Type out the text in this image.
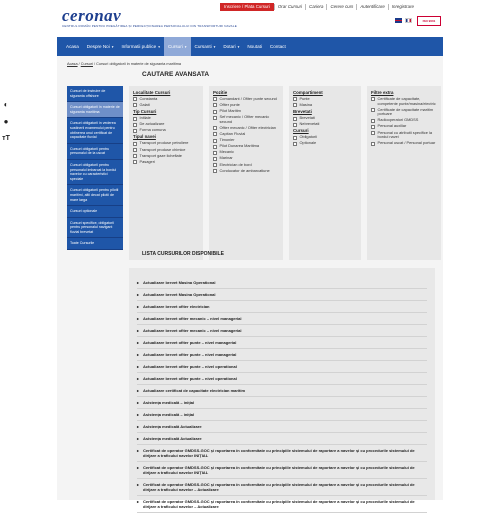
◐
●
тT
ceronav
CENTRUL ROMÂN PENTRU PREGĂTIREA ȘI PERFECȚIONAREA PERSONALULUI DIN TRANSPORTURI NAVALE
Inscriere / Plata Cursuri	Orar Cursuri	Cariera	Cerere curs	Autentificare	Inregistrare
ISO 9001
Acasa	Despre Noi ▾	Informatii publice ▾	Cursuri ▾	Cursanti ▾	Dotari ▾	Noutati	Contact
Acasa / Cursuri / Cursuri obligatorii in materie de siguranta maritima
CAUTARE AVANSATA
Cursuri de instruire de siguranta offshore
Cursuri obligatorii in materie de siguranta maritima
Cursuri obligatorii in vederea sustinerii examenului pentru obtinerea unui certificat de capacitate fluvial
Cursuri obligatorii pentru personalul de la uscat
Cursuri obligatorii pentru personalul imbarcat la bordul navelor cu caracteristici speciale
Cursuri obligatorii pentru pilotii maritimi, altii decat pilotii de mare larga
Cursuri optionale
Cursuri specifice, obligatorii pentru personalul navigant fluvial brevetat
Toate Cursurile
Localitate Cursuri
Constanta
Galati
Tip Cursuri
Initiale
De actualizare
Forma comuna
Tipul navei
Transport produse petroliere
Transport produse chimice
Transport gaze lichefiate
Pasageri
Pozitie
Comandant / Ofiter punte secund
Ofiter punte
Pilot Maritim
Sef mecanic / Ofiter mecanic secund
Ofiter mecanic / Ofiter electrician
Capitan Fluvial
Timonier
Pilot Dunarea Maritima
Mecanic
Marinar
Electrician de bord
Conducator de ambarcatiune
Compartiment
Punte
Masina
Brevetati
Brevetati
Nebrevetati
Cursuri
Obligatorii
Optionale
Filtre extra
Certificate de capacitate, competente punte/masina/electric
Certificate de capacitate maritim portuare
Radiooperatori GMDSS
Personal auxiliar
Personal cu atributii specifice la bordul navei
Personal uscat / Personal portuar
LISTA CURSURILOR DISPONIBILE
▸ Actualizare brevet Masina Operational
▸ Actualizare brevet Masina Operational
▸ Actualizare brevet ofiter electrician
▸ Actualizare brevet ofiter mecanic – nivel managerial
▸ Actualizare brevet ofiter mecanic – nivel managerial
▸ Actualizare brevet ofiter punte – nivel managerial
▸ Actualizare brevet ofiter punte – nivel managerial
▸ Actualizare brevet ofiter punte – nivel operational
▸ Actualizare brevet ofiter punte – nivel operational
▸ Actualizare certificat de capacitate electrician maritim
▸ Asistența medicală – inițial
▸ Asistența medicală – inițial
▸ Asistența medicală Actualizare
▸ Asistența medicală Actualizare
▸ Certificat de operator GMDSS-GOC și raportarea în conformitate cu principiile sistemului de raportare a navelor și cu procedurile sistemului de dirijare a traficului navelor INIȚIAL
▸ Certificat de operator GMDSS-GOC și raportarea în conformitate cu principiile sistemului de raportare a navelor și cu procedurile sistemului de dirijare a traficului navelor INIȚIAL
▸ Certificat de operator GMDSS-GOC și raportarea în conformitate cu principiile sistemului de raportare a navelor și cu procedurile sistemului de dirijare a traficului navelor – Actualizare
▸ Certificat de operator GMDSS-GOC și raportarea în conformitate cu principiile sistemului de raportare a navelor și cu procedurile sistemului de dirijare a traficului navelor – Actualizare
